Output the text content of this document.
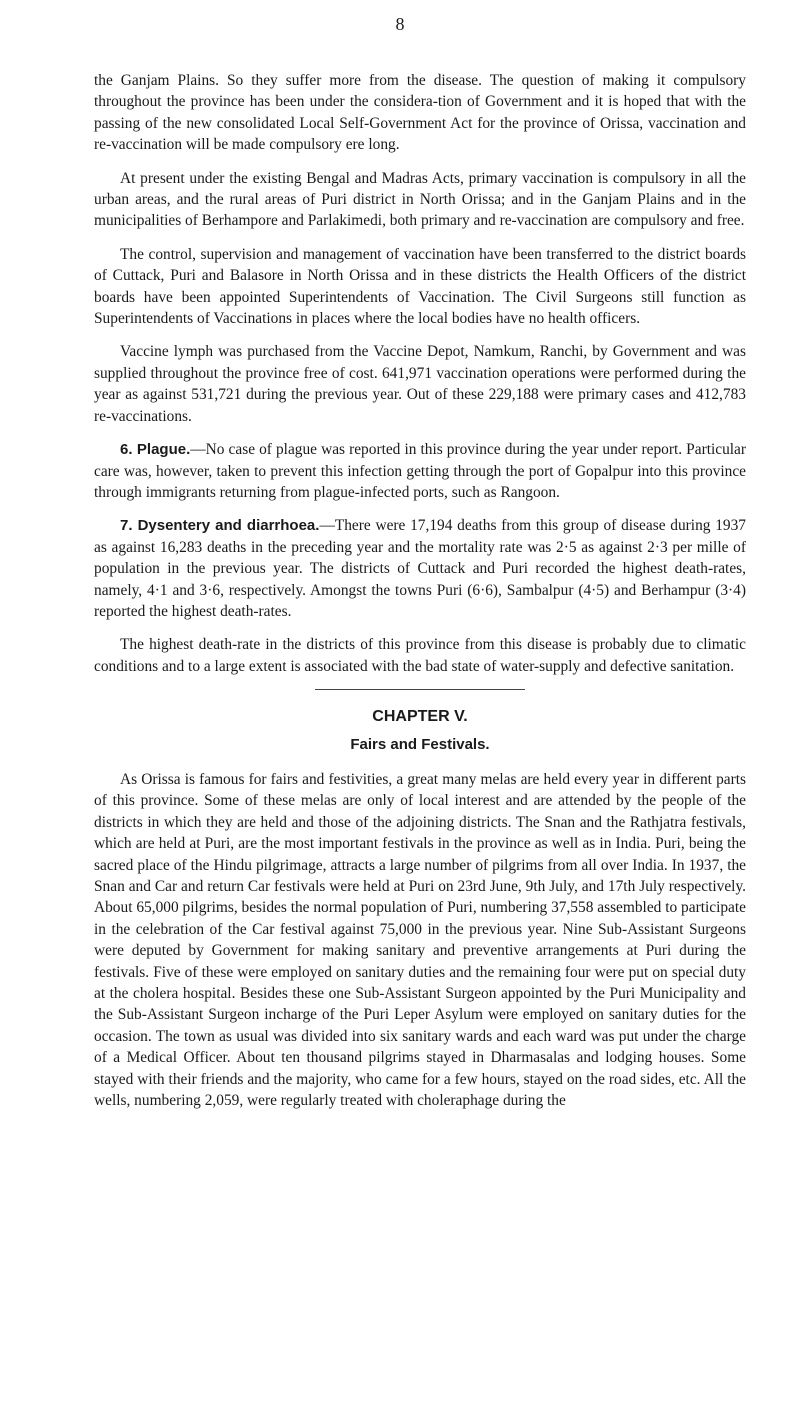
8

the Ganjam Plains. So they suffer more from the disease. The question of making it compulsory throughout the province has been under the considera-tion of Government and it is hoped that with the passing of the new consolidated Local Self-Government Act for the province of Orissa, vaccination and re-vaccination will be made compulsory ere long.

At present under the existing Bengal and Madras Acts, primary vaccination is compulsory in all the urban areas, and the rural areas of Puri district in North Orissa; and in the Ganjam Plains and in the municipalities of Berhampore and Parlakimedi, both primary and re-vaccination are compulsory and free.

The control, supervision and management of vaccination have been transferred to the district boards of Cuttack, Puri and Balasore in North Orissa and in these districts the Health Officers of the district boards have been appointed Superintendents of Vaccination. The Civil Surgeons still function as Superintendents of Vaccinations in places where the local bodies have no health officers.

Vaccine lymph was purchased from the Vaccine Depot, Namkum, Ranchi, by Government and was supplied throughout the province free of cost. 641,971 vaccination operations were performed during the year as against 531,721 during the previous year. Out of these 229,188 were primary cases and 412,783 re-vaccinations.

6. Plague.—No case of plague was reported in this province during the year under report. Particular care was, however, taken to prevent this infection getting through the port of Gopalpur into this province through immigrants returning from plague-infected ports, such as Rangoon.

7. Dysentery and diarrhoea.—There were 17,194 deaths from this group of disease during 1937 as against 16,283 deaths in the preceding year and the mortality rate was 2·5 as against 2·3 per mille of population in the previous year. The districts of Cuttack and Puri recorded the highest death-rates, namely, 4·1 and 3·6, respectively. Amongst the towns Puri (6·6), Sambalpur (4·5) and Berhampur (3·4) reported the highest death-rates.

The highest death-rate in the districts of this province from this disease is probably due to climatic conditions and to a large extent is associated with the bad state of water-supply and defective sanitation.

CHAPTER V.
Fairs and Festivals.

As Orissa is famous for fairs and festivities, a great many melas are held every year in different parts of this province. Some of these melas are only of local interest and are attended by the people of the districts in which they are held and those of the adjoining districts. The Snan and the Rathjatra festivals, which are held at Puri, are the most important festivals in the province as well as in India. Puri, being the sacred place of the Hindu pilgrimage, attracts a large number of pilgrims from all over India. In 1937, the Snan and Car and return Car festivals were held at Puri on 23rd June, 9th July, and 17th July respectively. About 65,000 pilgrims, besides the normal population of Puri, numbering 37,558 assembled to participate in the celebration of the Car festival against 75,000 in the previous year. Nine Sub-Assistant Surgeons were deputed by Government for making sanitary and preventive arrangements at Puri during the festivals. Five of these were employed on sanitary duties and the remaining four were put on special duty at the cholera hospital. Besides these one Sub-Assistant Surgeon appointed by the Puri Municipality and the Sub-Assistant Surgeon incharge of the Puri Leper Asylum were employed on sanitary duties for the occasion. The town as usual was divided into six sanitary wards and each ward was put under the charge of a Medical Officer. About ten thousand pilgrims stayed in Dharmasalas and lodging houses. Some stayed with their friends and the majority, who came for a few hours, stayed on the road sides, etc. All the wells, numbering 2,059, were regularly treated with choleraphage during the
